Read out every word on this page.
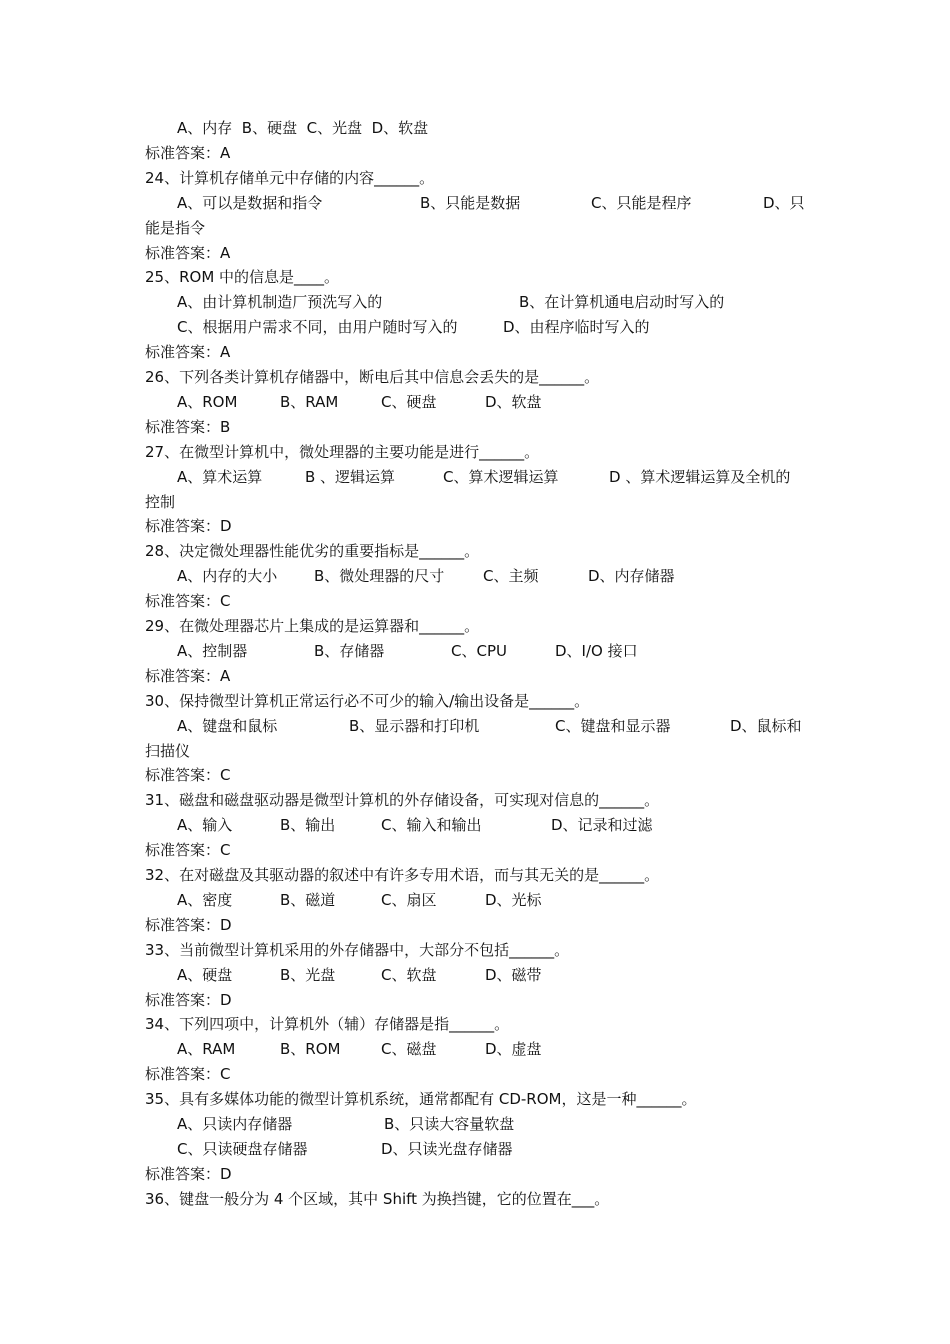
A、内存  B、硬盘  C、光盘  D、软盘
标准答案：A
24、计算机存储单元中存储的内容______。
A、可以是数据和指令	B、只能是数据	C、只能是程序	D、只
能是指令
标准答案：A
25、ROM 中的信息是____。
A、由计算机制造厂预洗写入的	B、在计算机通电启动时写入的
C、根据用户需求不同，由用户随时写入的	D、由程序临时写入的
标准答案：A
26、下列各类计算机存储器中，断电后其中信息会丢失的是______。
A、ROM	B、RAM	C、硬盘	D、软盘
标准答案：B
27、在微型计算机中，微处理器的主要功能是进行______。
A、算术运算	B 、逻辑运算	C、算术逻辑运算	D 、算术逻辑运算及全机的
控制
标准答案：D
28、决定微处理器性能优劣的重要指标是______。
A、内存的大小 B、微处理器的尺寸	C、主频	D、内存储器
标准答案：C
29、在微处理器芯片上集成的是运算器和______。
A、控制器	B、存储器	C、CPU	D、I/O 接口
标准答案：A
30、保持微型计算机正常运行必不可少的输入/输出设备是______。
A、键盘和鼠标	B、显示器和打印机	C、键盘和显示器	D、鼠标和
扫描仪
标准答案：C
31、磁盘和磁盘驱动器是微型计算机的外存储设备，可实现对信息的______。
A、输入	B、输出	C、输入和输出	D、记录和过滤
标准答案：C
32、在对磁盘及其驱动器的叙述中有许多专用术语，而与其无关的是______。
A、密度	B、磁道	C、扇区	D、光标
标准答案：D
33、当前微型计算机采用的外存储器中，大部分不包括______。
A、硬盘	B、光盘	C、软盘	D、磁带
标准答案：D
34、下列四项中，计算机外（辅）存储器是指______。
A、RAM	B、ROM	C、磁盘	D、虚盘
标准答案：C
35、具有多媒体功能的微型计算机系统，通常都配有 CD-ROM，这是一种______。
A、只读内存储器	B、只读大容量软盘
C、只读硬盘存储器	D、只读光盘存储器
标准答案：D
36、键盘一般分为 4 个区域，其中 Shift 为换挡键，它的位置在___。
